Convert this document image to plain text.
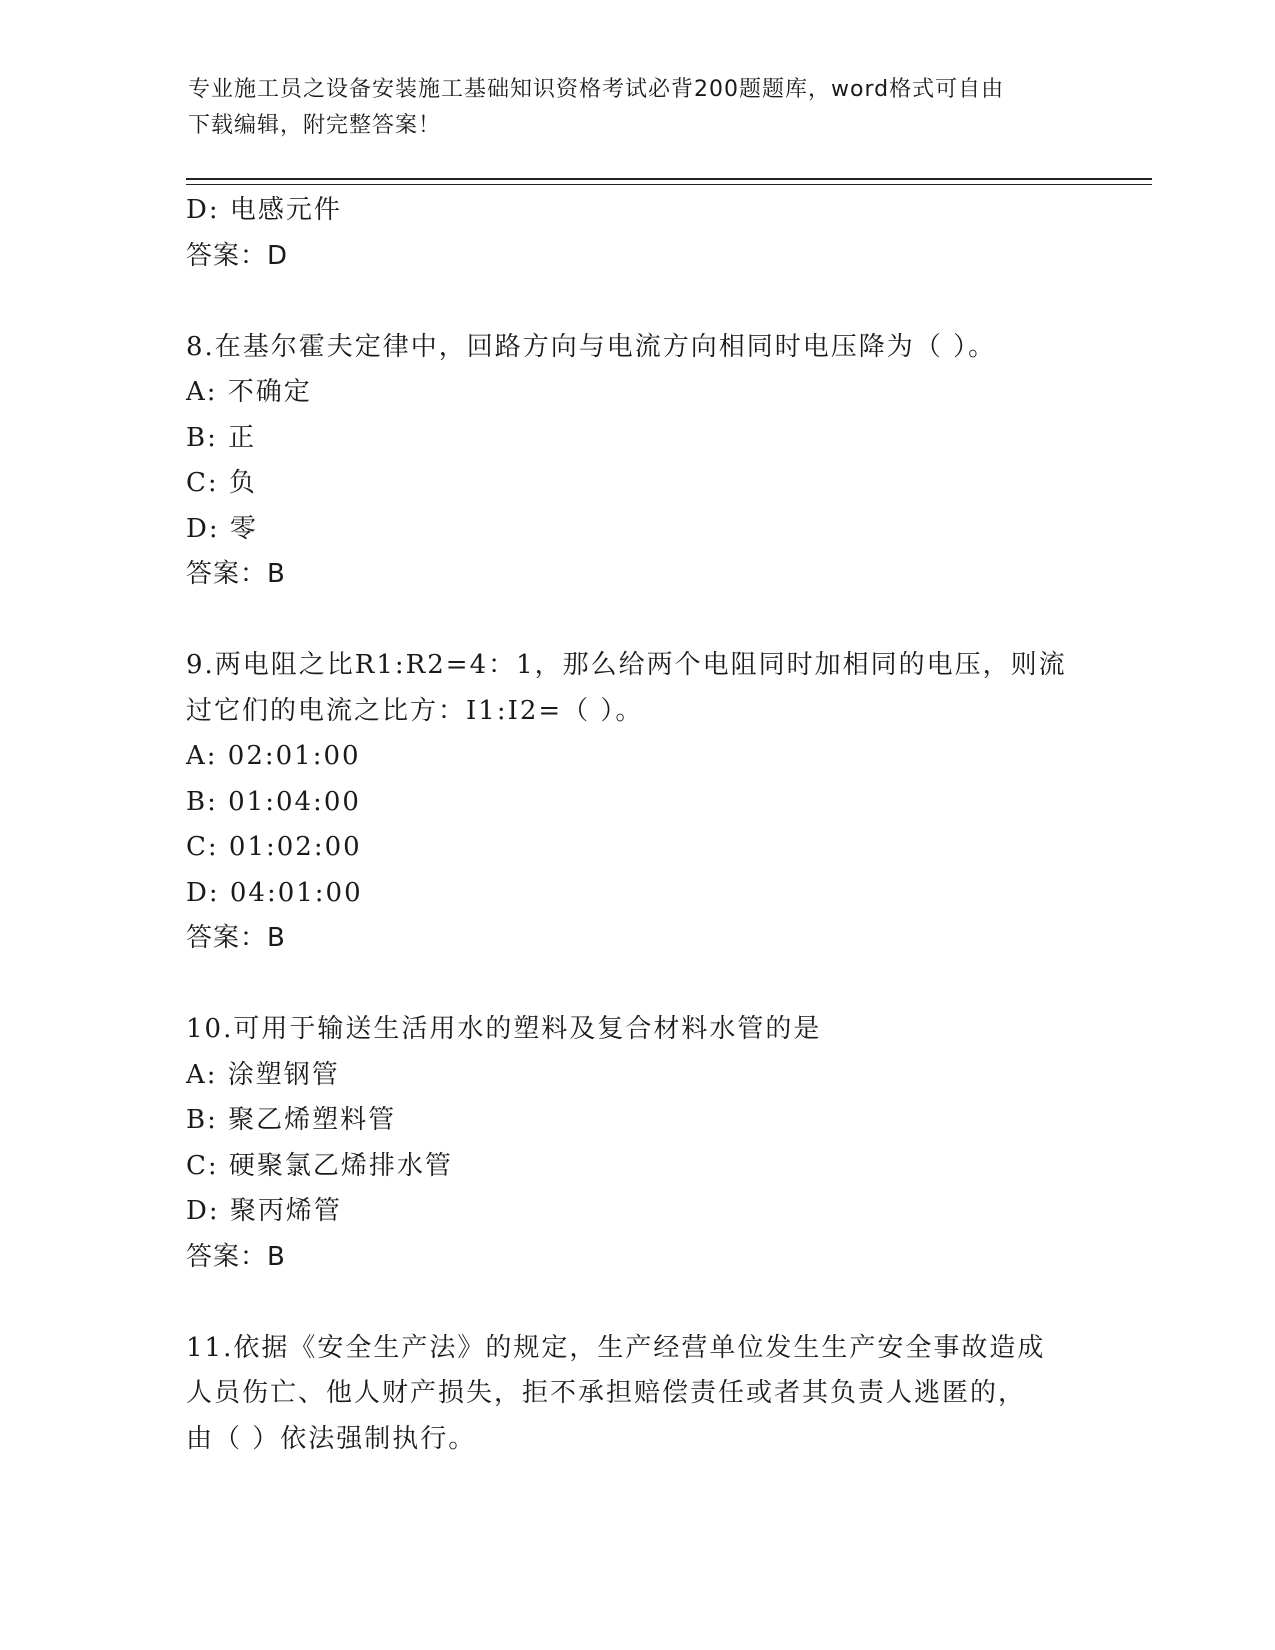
专业施工员之设备安装施工基础知识资格考试必背200题题库，word格式可自由
下载编辑，附完整答案！
D: 电感元件
答案：D
8.在基尔霍夫定律中，回路方向与电流方向相同时电压降为（ ）。
A: 不确定
B: 正
C: 负
D: 零
答案：B
9.两电阻之比R1:R2=4：1，那么给两个电阻同时加相同的电压，则流
过它们的电流之比方：I1:I2=（ ）。
A: 02:01:00
B: 01:04:00
C: 01:02:00
D: 04:01:00
答案：B
10.可用于输送生活用水的塑料及复合材料水管的是
A: 涂塑钢管
B: 聚乙烯塑料管
C: 硬聚氯乙烯排水管
D: 聚丙烯管
答案：B
11.依据《安全生产法》的规定，生产经营单位发生生产安全事故造成
人员伤亡、他人财产损失，拒不承担赔偿责任或者其负责人逃匿的，
由（ ）依法强制执行。
